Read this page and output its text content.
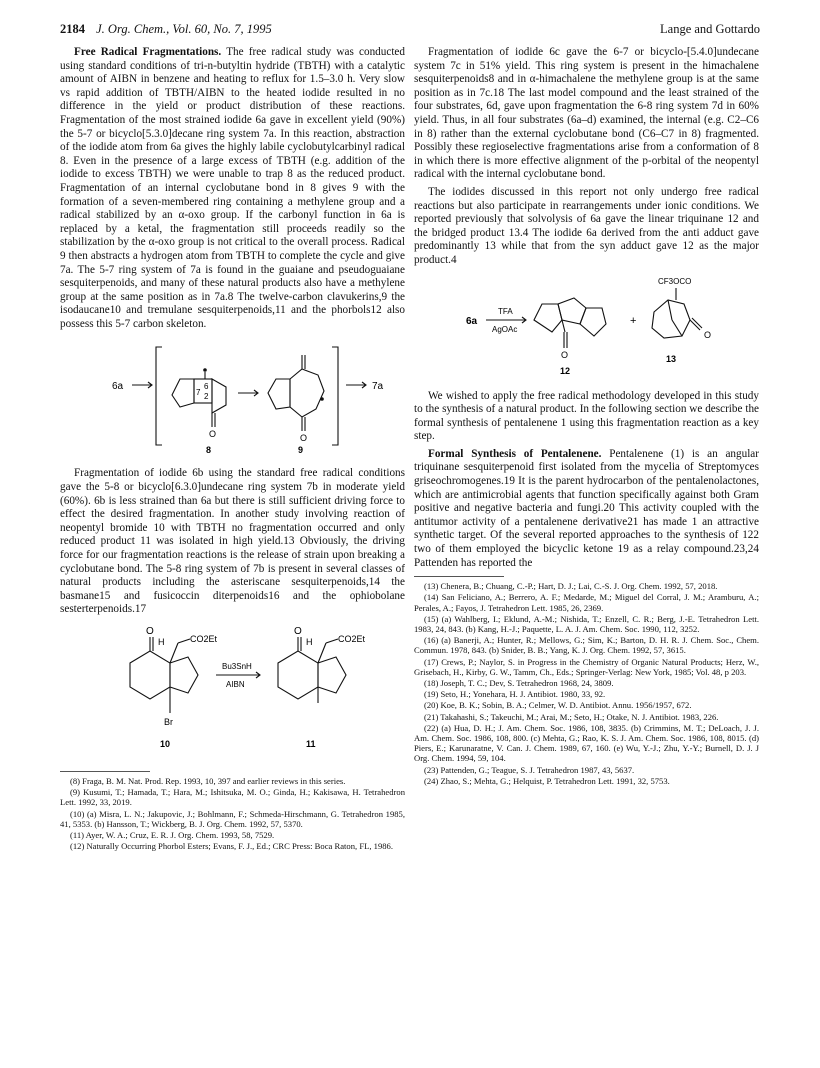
2184 J. Org. Chem., Vol. 60, No. 7, 1995	Lange and Gottardo

Free Radical Fragmentations. The free radical study was conducted using standard conditions of tri-n-butyltin hydride (TBTH) with a catalytic amount of AIBN in benzene and heating to reflux for 1.5–3.0 h. Very slow vs rapid addition of TBTH/AIBN to the heated iodide resulted in no difference in the yield or product distribution of these reactions. Fragmentation of the most strained iodide 6a gave in excellent yield (90%) the 5-7 or bicyclo[5.3.0]decane ring system 7a. In this reaction, abstraction of the iodide atom from 6a gives the highly labile cyclobutylcarbinyl radical 8. Even in the presence of a large excess of TBTH (e.g. addition of the iodide to excess TBTH) we were unable to trap 8 as the reduced product. Fragmentation of an internal cyclobutane bond in 8 gives 9 with the formation of a seven-membered ring containing a methylene group and a radical stabilized by an α-oxo group. If the carbonyl function in 6a is replaced by a ketal, the fragmentation still proceeds readily so the stabilization by the α-oxo group is not critical to the overall process. Radical 9 then abstracts a hydrogen atom from TBTH to complete the cycle and give 7a. The 5-7 ring system of 7a is found in the guaiane and pseudoguaiane sesquiterpenoids, and many of these natural products also have a methylene group at the same position as in 7a.8 The twelve-carbon clavukerins,9 the isodaucane10 and tremulane sesquiterpenoids,11 and the phorbols12 also possess this 5-7 carbon skeleton.

6a	7a
7
6
2
O	O
8	9

Fragmentation of iodide 6b using the standard free radical conditions gave the 5-8 or bicyclo[6.3.0]undecane ring system 7b in moderate yield (60%). 6b is less strained than 6a but there is still sufficient driving force to effect the desired fragmentation. In another study involving reaction of neopentyl bromide 10 with TBTH no fragmentation occurred and only reduced product 11 was isolated in high yield.13 Obviously, the driving force for our fragmentation reactions is the release of strain upon breaking a cyclobutane bond. The 5-8 ring system of 7b is present in several classes of natural products including the asteriscane sesquiterpenoids,14 the basmane15 and fusicoccin diterpenoids16 and the ophiobolane sesterterpenoids.17

O
H	CO2Et
Br
Bu3SnH
AIBN
O
H	CO2Et
10	11
(8) Fraga, B. M. Nat. Prod. Rep. 1993, 10, 397 and earlier reviews in this series.
(9) Kusumi, T.; Hamada, T.; Hara, M.; Ishitsuka, M. O.; Ginda, H.; Kakisawa, H. Tetrahedron Lett. 1992, 33, 2019.
(10) (a) Misra, L. N.; Jakupovic, J.; Bohlmann, F.; Schmeda-Hirschmann, G. Tetrahedron 1985, 41, 5353. (b) Hansson, T.; Wickberg, B. J. Org. Chem. 1992, 57, 5370.
(11) Ayer, W. A.; Cruz, E. R. J. Org. Chem. 1993, 58, 7529.
(12) Naturally Occurring Phorbol Esters; Evans, F. J., Ed.; CRC Press: Boca Raton, FL, 1986.

Fragmentation of iodide 6c gave the 6-7 or bicyclo-[5.4.0]undecane system 7c in 51% yield. This ring system is present in the himachalene sesquiterpenoids8 and in α-himachalene the methylene group is at the same position as in 7c.18 The last model compound and the least strained of the four substrates, 6d, gave upon fragmentation the 6-8 ring system 7d in 60% yield. Thus, in all four substrates (6a–d) examined, the internal (e.g. C2–C6 in 8) rather than the external cyclobutane bond (C6–C7 in 8) fragmented. Possibly these regioselective fragmentations arise from a conformation of 8 in which there is more effective alignment of the p-orbital of the neopentyl radical with the internal cyclobutane bond.

The iodides discussed in this report not only undergo free radical reactions but also participate in rearrangements under ionic conditions. We reported previously that solvolysis of 6a gave the linear triquinane 12 and the bridged product 13.4 The iodide 6a derived from the anti adduct gave predominantly 13 while that from the syn adduct gave 12 as the major product.4

6a
TFA
AgOAc
+
CF3OCO
O
O
12
13

We wished to apply the free radical methodology developed in this study to the synthesis of a natural product. In the following section we describe the formal synthesis of pentalenene 1 using this fragmentation reaction as a key step.

Formal Synthesis of Pentalenene. Pentalenene (1) is an angular triquinane sesquiterpenoid first isolated from the mycelia of Streptomyces griseochromogenes.19 It is the parent hydrocarbon of the pentalenolactones, which are antimicrobial agents that function specifically against both Gram positive and negative bacteria and fungi.20 This activity coupled with the antitumor activity of a pentalenene derivative21 has made 1 an attractive synthetic target. Of the several reported approaches to the synthesis of 122 two of them employed the bicyclic ketone 19 as a relay compound.23,24 Pattenden has reported the

(13) Chenera, B.; Chuang, C.-P.; Hart, D. J.; Lai, C.-S. J. Org. Chem. 1992, 57, 2018.
(14) San Feliciano, A.; Berrero, A. F.; Medarde, M.; Miguel del Corral, J. M.; Aramburu, A.; Perales, A.; Fayos, J. Tetrahedron Lett. 1985, 26, 2369.
(15) (a) Wahlberg, I.; Eklund, A.-M.; Nishida, T.; Enzell, C. R.; Berg, J.-E. Tetrahedron Lett. 1983, 24, 843. (b) Kang, H.-J.; Paquette, L. A. J. Am. Chem. Soc. 1990, 112, 3252.
(16) (a) Banerji, A.; Hunter, R.; Mellows, G.; Sim, K.; Barton, D. H. R. J. Chem. Soc., Chem. Commun. 1978, 843. (b) Snider, B. B.; Yang, K. J. Org. Chem. 1992, 57, 3615.
(17) Crews, P.; Naylor, S. in Progress in the Chemistry of Organic Natural Products; Herz, W., Grisebach, H., Kirby, G. W., Tamm, Ch., Eds.; Springer-Verlag: New York, 1985; Vol. 48, p 203.
(18) Joseph, T. C.; Dev, S. Tetrahedron 1968, 24, 3809.
(19) Seto, H.; Yonehara, H. J. Antibiot. 1980, 33, 92.
(20) Koe, B. K.; Sobin, B. A.; Celmer, W. D. Antibiot. Annu. 1956/1957, 672.
(21) Takahashi, S.; Takeuchi, M.; Arai, M.; Seto, H.; Otake, N. J. Antibiot. 1983, 226.
(22) (a) Hua, D. H.; J. Am. Chem. Soc. 1986, 108, 3835. (b) Crimmins, M. T.; DeLoach, J. J. Am. Chem. Soc. 1986, 108, 800. (c) Mehta, G.; Rao, K. S. J. Am. Chem. Soc. 1986, 108, 8015. (d) Piers, E.; Karunaratne, V. Can. J. Chem. 1989, 67, 160. (e) Wu, Y.-J.; Zhu, Y.-Y.; Burnell, D. J. J Org. Chem. 1994, 59, 104.
(23) Pattenden, G.; Teague, S. J. Tetrahedron 1987, 43, 5637.
(24) Zhao, S.; Mehta, G.; Helquist, P. Tetrahedron Lett. 1991, 32, 5753.
